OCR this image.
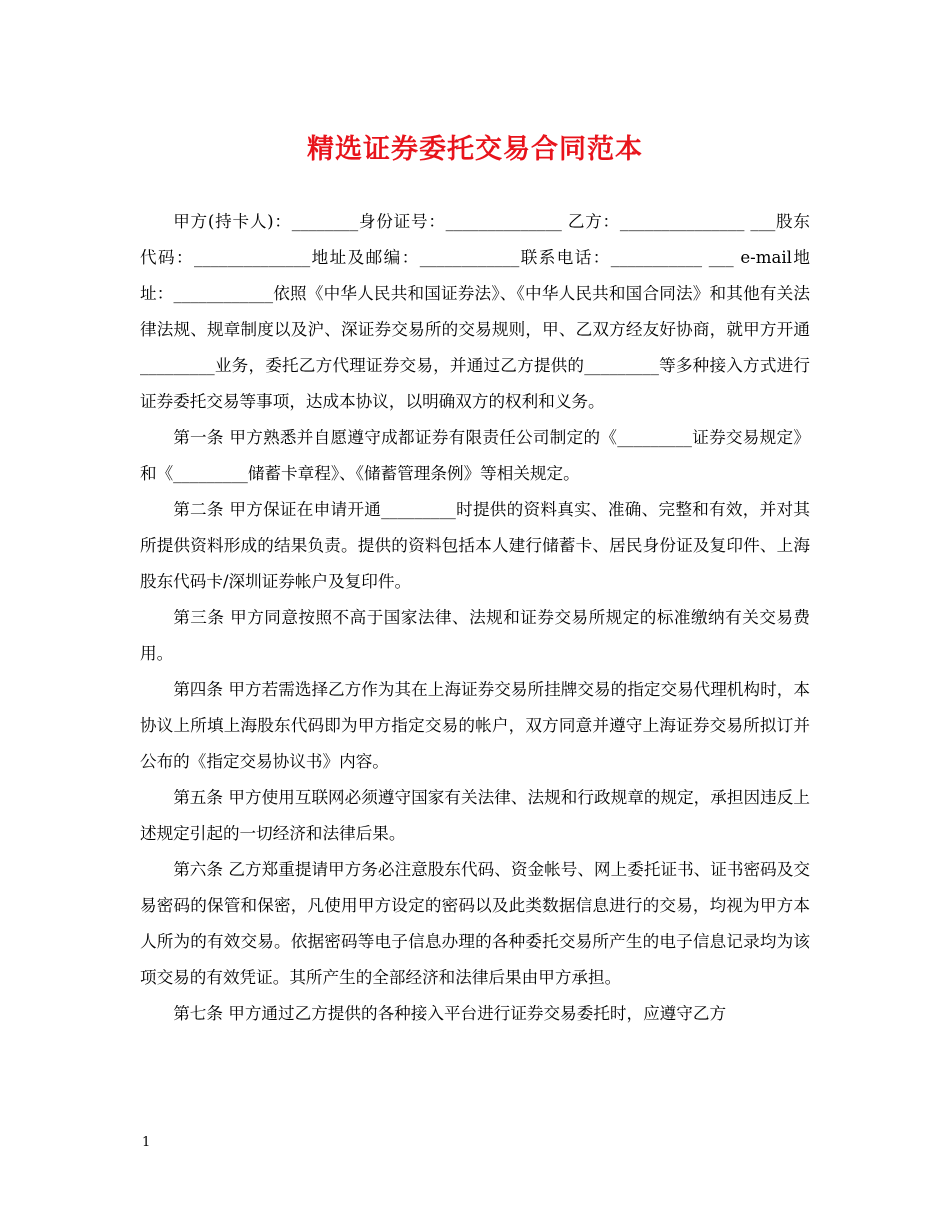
精选证券委托交易合同范本

甲方(持卡人)：________身份证号：______________ 乙方：_______________ ___股东代码：______________地址及邮编：____________联系电话：___________ ___ e-mail地址：____________依照《中华人民共和国证券法》、《中华人民共和国合同法》和其他有关法律法规、规章制度以及沪、深证券交易所的交易规则，甲、乙双方经友好协商，就甲方开通_________业务，委托乙方代理证券交易，并通过乙方提供的_________等多种接入方式进行证券委托交易等事项，达成本协议，以明确双方的权利和义务。

第一条 甲方熟悉并自愿遵守成都证券有限责任公司制定的《_________证券交易规定》和《_________储蓄卡章程》、《储蓄管理条例》等相关规定。

第二条 甲方保证在申请开通_________时提供的资料真实、准确、完整和有效，并对其所提供资料形成的结果负责。提供的资料包括本人建行储蓄卡、居民身份证及复印件、上海股东代码卡/深圳证券帐户及复印件。

第三条 甲方同意按照不高于国家法律、法规和证券交易所规定的标准缴纳有关交易费用。

第四条 甲方若需选择乙方作为其在上海证券交易所挂牌交易的指定交易代理机构时，本协议上所填上海股东代码即为甲方指定交易的帐户，双方同意并遵守上海证券交易所拟订并公布的《指定交易协议书》内容。

第五条 甲方使用互联网必须遵守国家有关法律、法规和行政规章的规定，承担因违反上述规定引起的一切经济和法律后果。

第六条 乙方郑重提请甲方务必注意股东代码、资金帐号、网上委托证书、证书密码及交易密码的保管和保密，凡使用甲方设定的密码以及此类数据信息进行的交易，均视为甲方本人所为的有效交易。依据密码等电子信息办理的各种委托交易所产生的电子信息记录均为该项交易的有效凭证。其所产生的全部经济和法律后果由甲方承担。

第七条 甲方通过乙方提供的各种接入平台进行证券交易委托时，应遵守乙方

1
